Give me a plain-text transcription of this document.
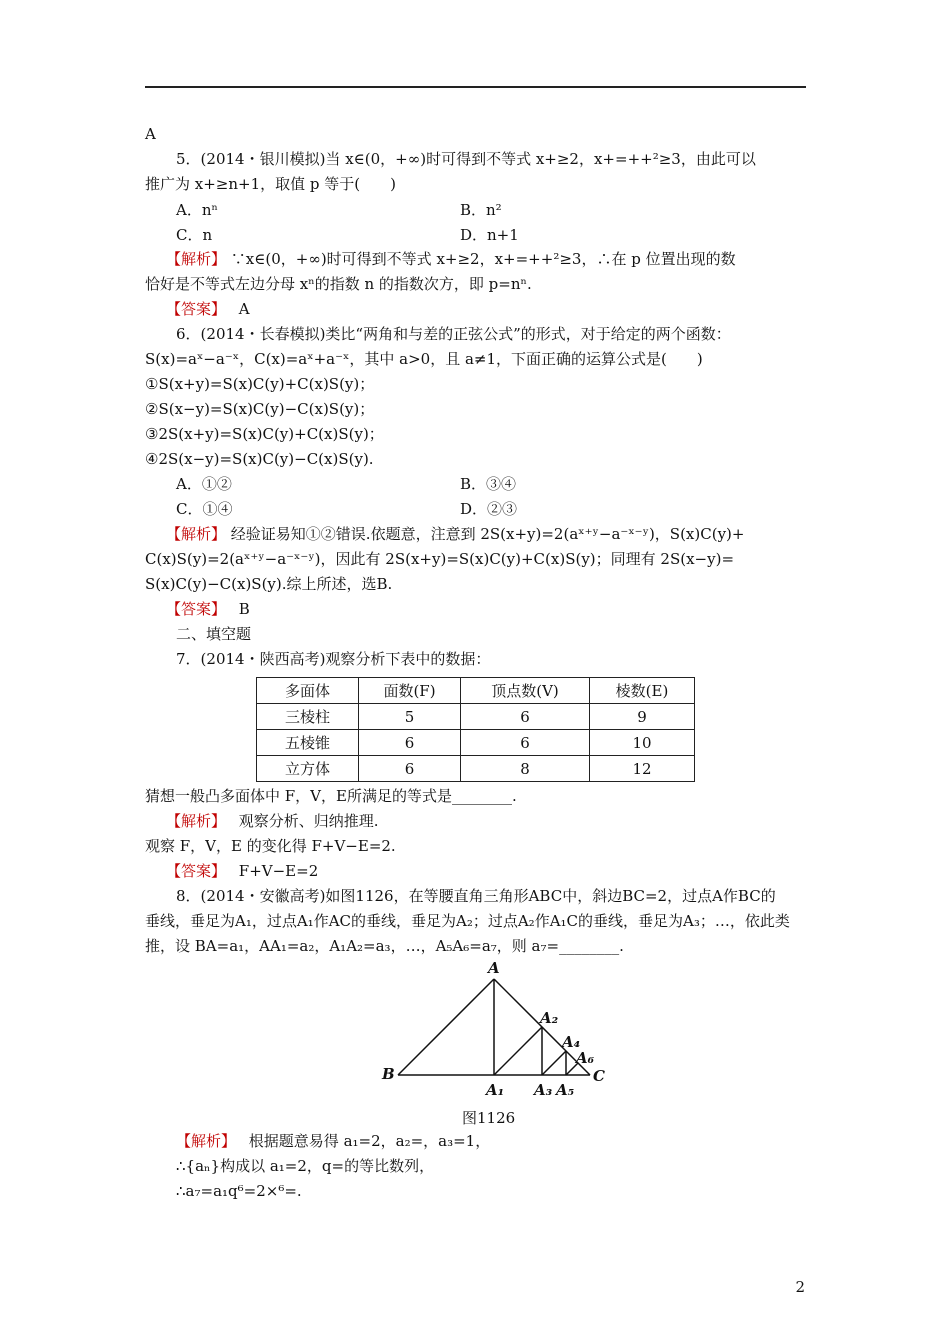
A
5．(2014・银川模拟)当 x∈(0，+∞)时可得到不等式 x+≥2，x+=++²≥3，由此可以
推广为 x+≥n+1，取值 p 等于(　　)
A．nⁿ	B．n²
C．n	D．n+1
【解析】 ∵x∈(0，+∞)时可得到不等式 x+≥2，x+=++²≥3，∴在 p 位置出现的数
恰好是不等式左边分母 xⁿ的指数 n 的指数次方，即 p=nⁿ.
【答案】 A
6．(2014・长春模拟)类比“两角和与差的正弦公式”的形式，对于给定的两个函数：
S(x)=aˣ−a⁻ˣ，C(x)=aˣ+a⁻ˣ，其中 a>0，且 a≠1，下面正确的运算公式是(　　)
①S(x+y)=S(x)C(y)+C(x)S(y)；
②S(x−y)=S(x)C(y)−C(x)S(y)；
③2S(x+y)=S(x)C(y)+C(x)S(y)；
④2S(x−y)=S(x)C(y)−C(x)S(y).
A．①②	B．③④
C．①④	D．②③
【解析】 经验证易知①②错误.依题意，注意到 2S(x+y)=2(aˣ⁺ʸ−a⁻ˣ⁻ʸ)，S(x)C(y)+
C(x)S(y)=2(aˣ⁺ʸ−a⁻ˣ⁻ʸ)，因此有 2S(x+y)=S(x)C(y)+C(x)S(y)；同理有 2S(x−y)=
S(x)C(y)−C(x)S(y).综上所述，选B.
【答案】 B
二、填空题
7．(2014・陕西高考)观察分析下表中的数据：
多面体	面数(F)	顶点数(V)	棱数(E)
三棱柱	5	6	9
五棱锥	6	6	10
立方体	6	8	12
猜想一般凸多面体中 F，V，E所满足的等式是________.
【解析】 观察分析、归纳推理.
观察 F，V，E 的变化得 F+V−E=2.
【答案】 F+V−E=2
8．(2014・安徽高考)如图1126，在等腰直角三角形ABC中，斜边BC=2，过点A作BC的
垂线，垂足为A₁，过点A₁作AC的垂线，垂足为A₂；过点A₂作A₁C的垂线，垂足为A₃；…，依此类
推，设 BA=a₁，AA₁=a₂，A₁A₂=a₃，…，A₅A₆=a₇，则 a₇=________.
A
B	C
A₁
A₂
A₃
A₄
A₅
A₆
图1126
【解析】 根据题意易得 a₁=2，a₂=，a₃=1，
∴{aₙ}构成以 a₁=2，q=的等比数列，
∴a₇=a₁q⁶=2×⁶=.
2
